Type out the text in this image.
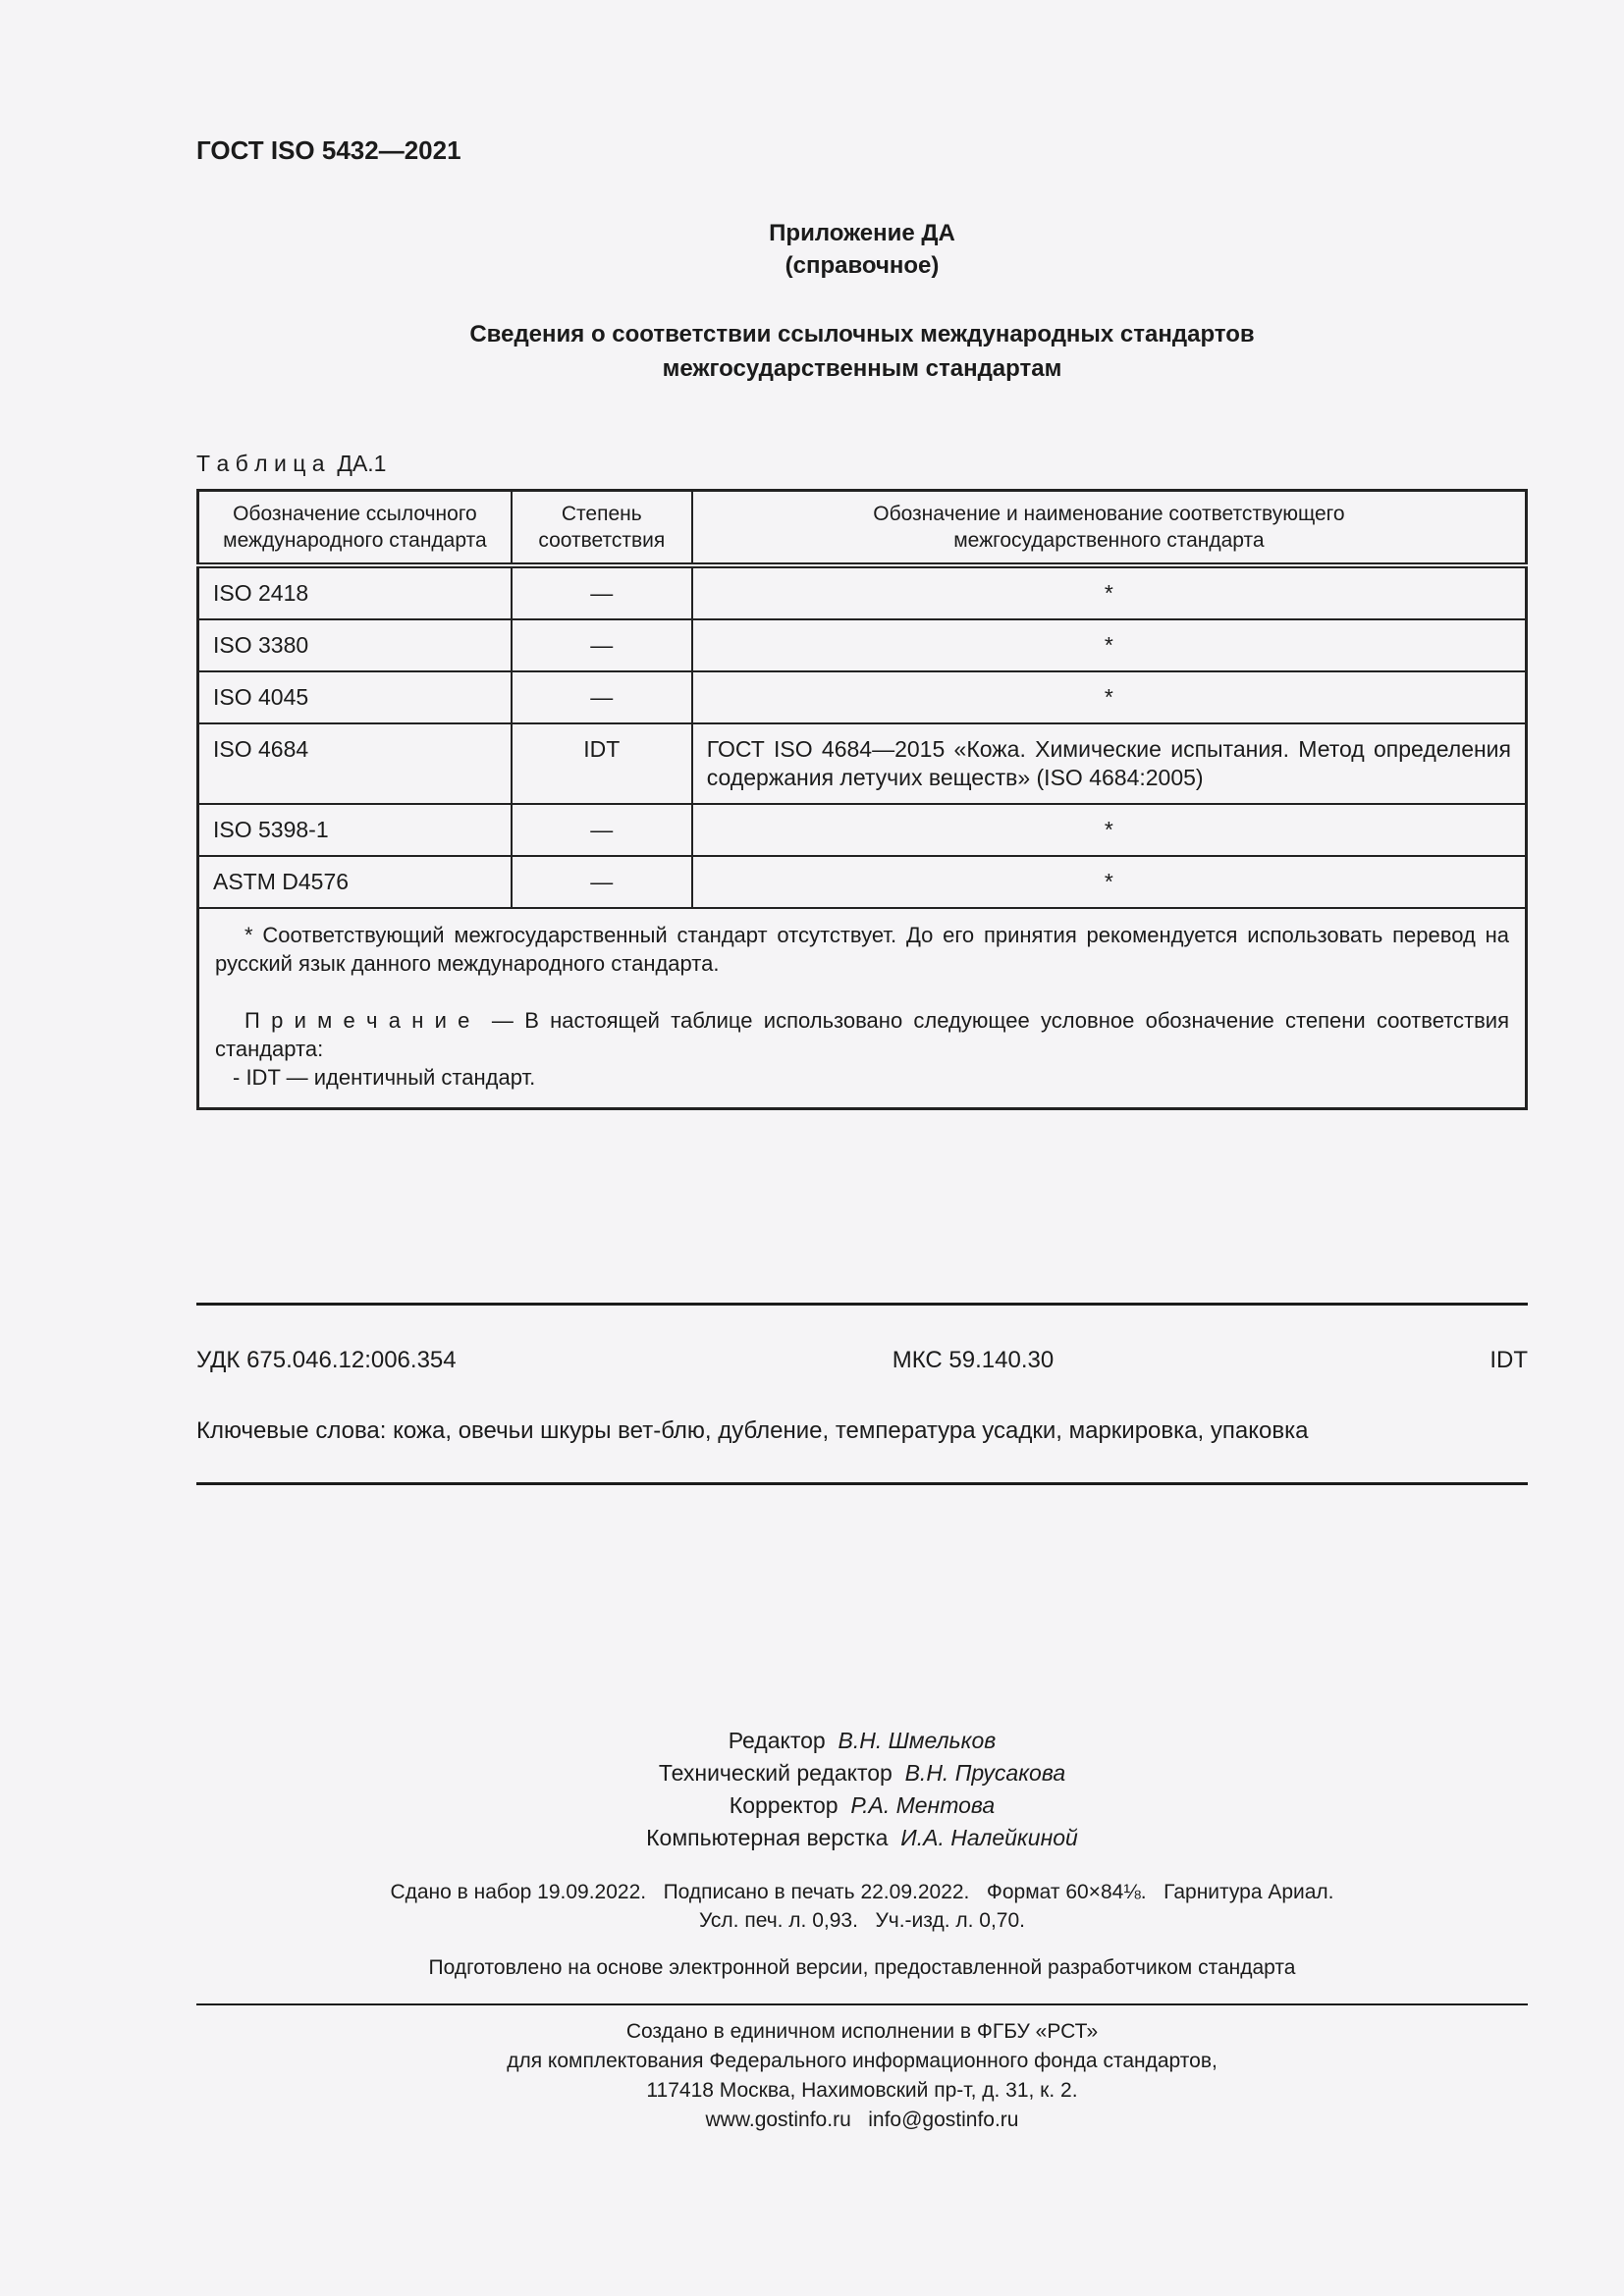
ГОСТ ISO 5432—2021
Приложение ДА
(справочное)
Сведения о соответствии ссылочных международных стандартов
межгосударственным стандартам
Т а б л и ц а  ДА.1
Обозначение ссылочного
международного стандарта

Степень
соответствия

Обозначение и наименование соответствующего
межгосударственного стандарта

ISO 2418	—	*
ISO 3380	—	*
ISO 4045	—	*
ISO 4684	IDT	ГОСТ ISO 4684—2015 «Кожа. Химические испытания. Метод определения содержания летучих веществ» (ISO 4684:2005)
ISO 5398-1	—	*
ASTM D4576	—	*

* Соответствующий межгосударственный стандарт отсутствует. До его принятия рекомендуется использовать перевод на русский язык данного международного стандарта.

П р и м е ч а н и е  — В настоящей таблице использовано следующее условное обозначение степени соответствия стандарта:

- IDT — идентичный стандарт.		

УДК 675.046.12:006.354	МКС 59.140.30	IDT
Ключевые слова: кожа, овечьи шкуры вет-блю, дубление, температура усадки, маркировка, упаковка
Редактор  В.Н. Шмельков
Технический редактор  В.Н. Прусакова
Корректор  Р.А. Ментова
Компьютерная верстка  И.А. Налейкиной
Сдано в набор 19.09.2022.   Подписано в печать 22.09.2022.   Формат 60×84⅛.   Гарнитура Ариал.
Усл. печ. л. 0,93.   Уч.-изд. л. 0,70.
Подготовлено на основе электронной версии, предоставленной разработчиком стандарта
Создано в единичном исполнении в ФГБУ «РСТ»
для комплектования Федерального информационного фонда стандартов,
117418 Москва, Нахимовский пр-т, д. 31, к. 2.
www.gostinfo.ru   info@gostinfo.ru
